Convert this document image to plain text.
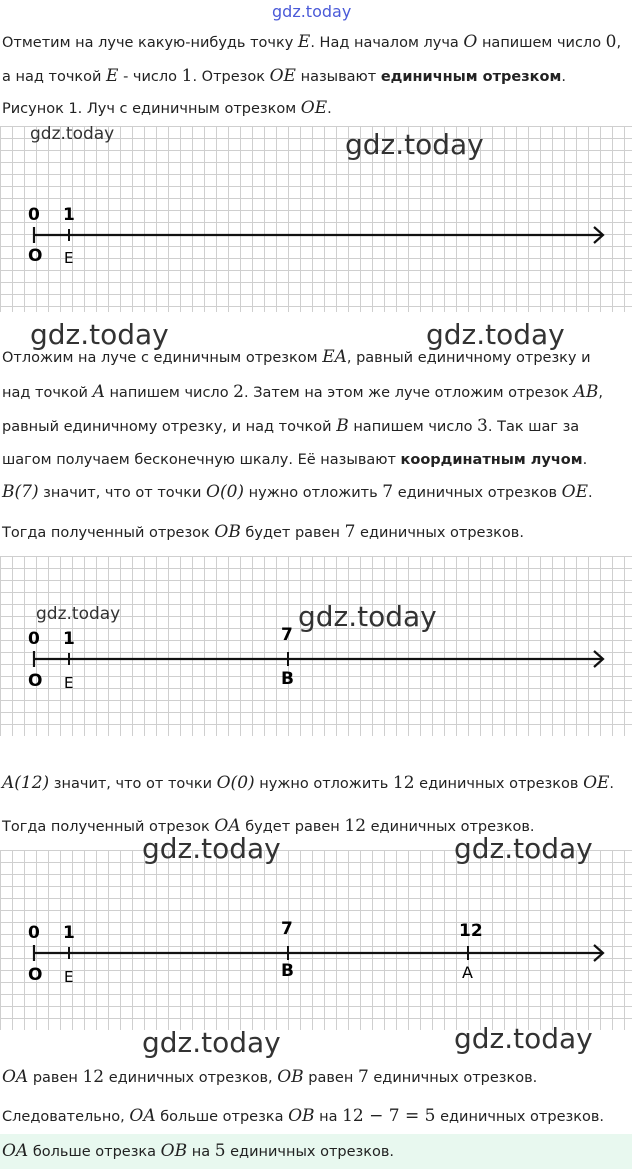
gdz.today
Отметим на луче какую-нибудь точку E. Над началом луча O напишем число 0,
а над точкой E - число 1. Отрезок OE называют единичным отрезком.
Рисунок 1. Луч с единичным отрезком OE.
0 1
O E
gdz.today	gdz.today
gdz.today	gdz.today
Отложим на луче с единичным отрезком EA, равный единичному отрезку и
над точкой A напишем число 2. Затем на этом же луче отложим отрезок AB,
равный единичному отрезку, и над точкой B напишем число 3. Так шаг за
шагом получаем бесконечную шкалу. Её называют координатным лучом.
B(7) значит, что от точки O(0) нужно отложить 7 единичных отрезков OE.
Тогда полученный отрезок OB будет равен 7 единичных отрезков.
0 1	7
O E	B
gdz.today	gdz.today
A(12) значит, что от точки O(0) нужно отложить 12 единичных отрезков OE.
Тогда полученный отрезок OA будет равен 12 единичных отрезков.
0 1	7	12
O E	B	A
gdz.today	gdz.today
gdz.today	gdz.today
OA равен 12 единичных отрезков, OB равен 7 единичных отрезков.
Следовательно, OA больше отрезка OB на 12 − 7 = 5 единичных отрезков.
OA больше отрезка OB на 5 единичных отрезков.
